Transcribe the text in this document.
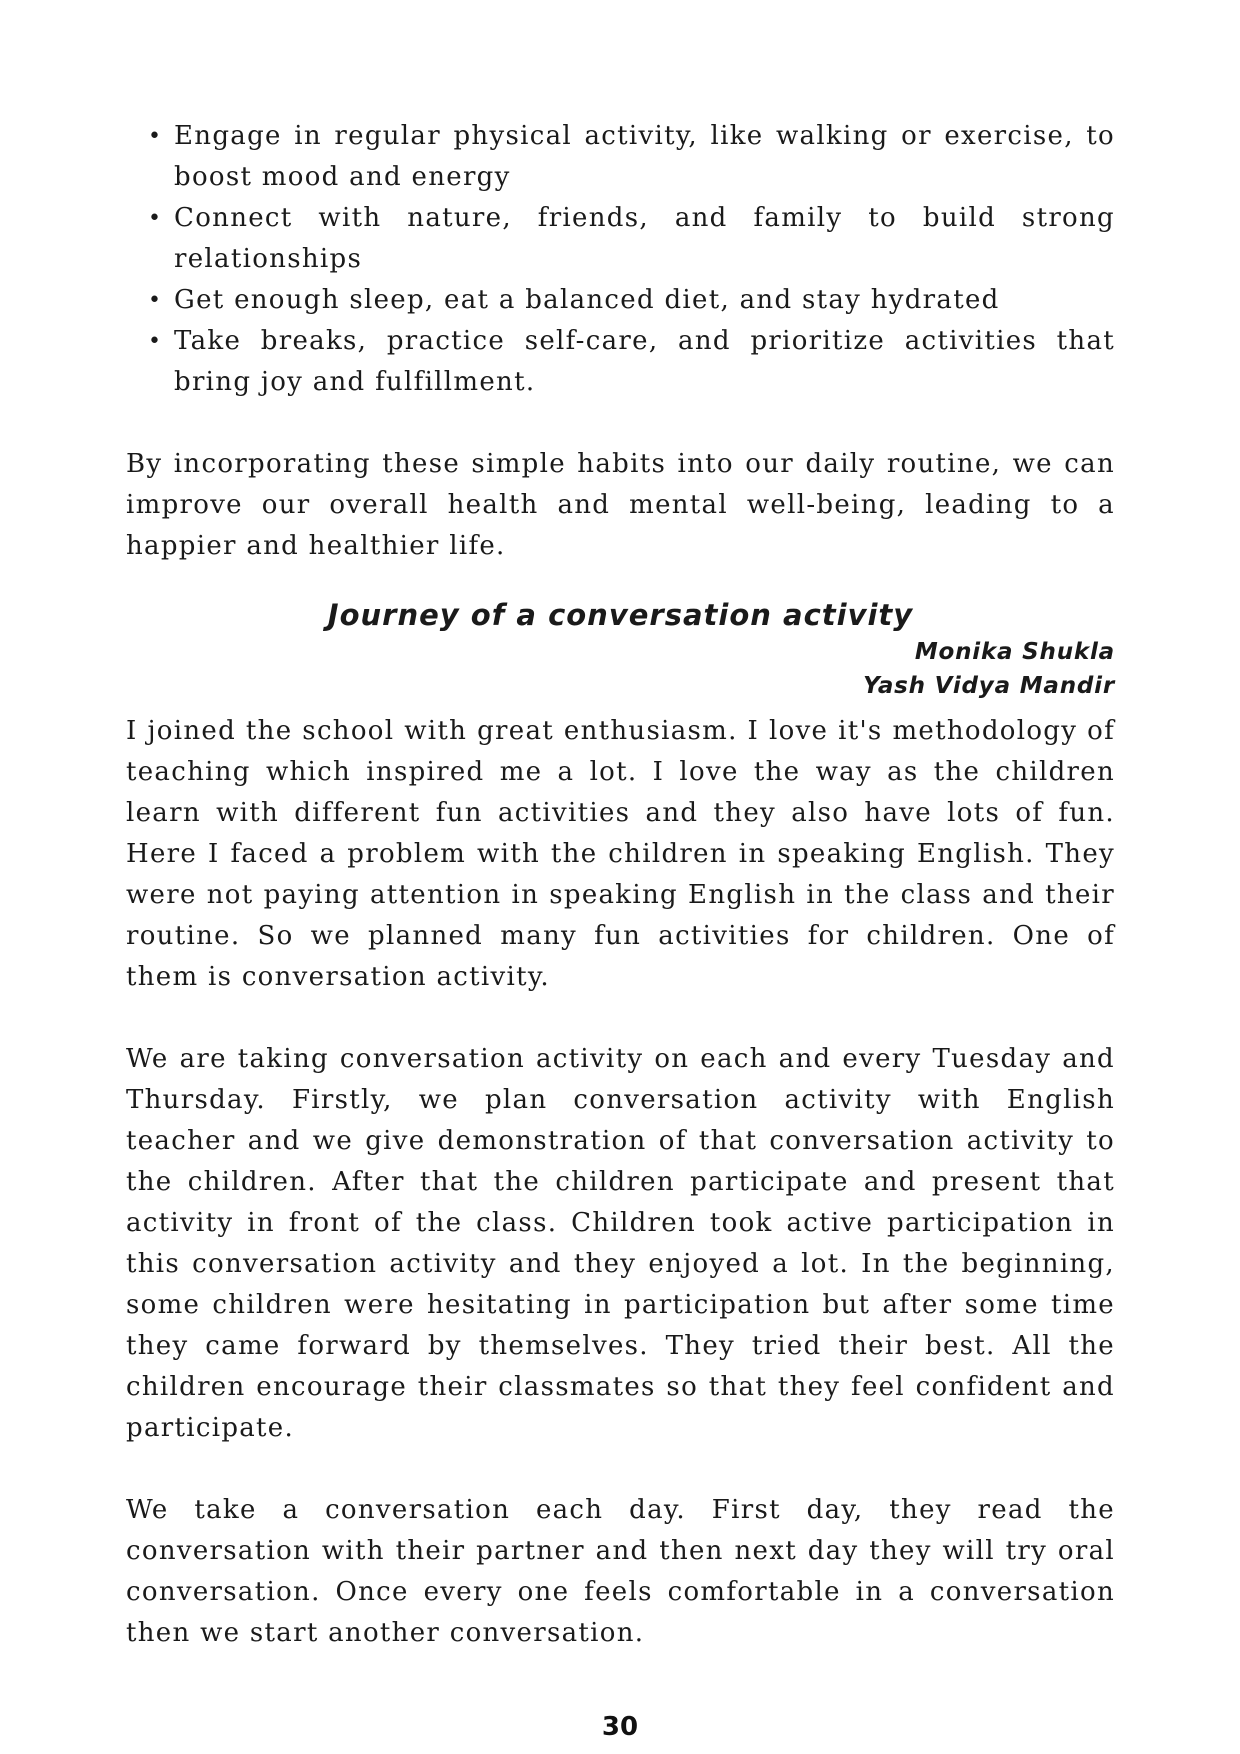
• Engage in regular physical activity, like walking or exercise, to boost mood and energy
• Connect with nature, friends, and family to build strong relationships
• Get enough sleep, eat a balanced diet, and stay hydrated
• Take breaks, practice self-care, and prioritize activities that bring joy and fulfillment.

By incorporating these simple habits into our daily routine, we can improve our overall health and mental well-being, leading to a happier and healthier life.

Journey of a conversation activity

Monika Shukla

Yash Vidya Mandir

I joined the school with great enthusiasm. I love it's methodology of teaching which inspired me a lot. I love the way as the children learn with different fun activities and they also have lots of fun. Here I faced a problem with the children in speaking English. They were not paying attention in speaking English in the class and their routine. So we planned many fun activities for children. One of them is conversation activity.

We are taking conversation activity on each and every Tuesday and Thursday. Firstly, we plan conversation activity with English teacher and we give demonstration of that conversation activity to the children. After that the children participate and present that activity in front of the class. Children took active participation in this conversation activity and they enjoyed a lot. In the beginning, some children were hesitating in participation but after some time they came forward by themselves. They tried their best. All the children encourage their classmates so that they feel confident and participate.

We take a conversation each day. First day, they read the conversation with their partner and then next day they will try oral conversation. Once every one feels comfortable in a conversation then we start another conversation.

30
